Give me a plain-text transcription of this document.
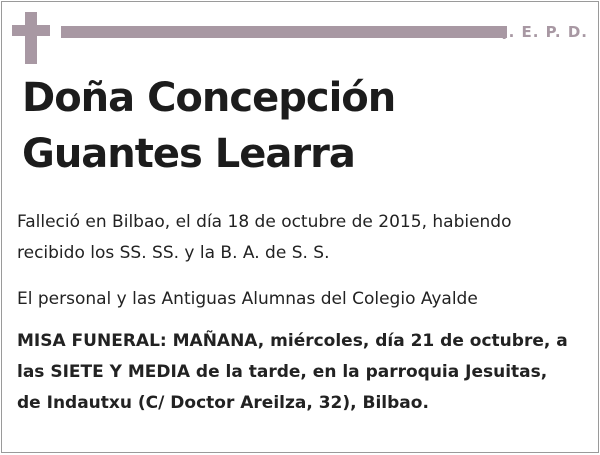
Q. E. P. D.
Doña Concepción
Guantes Learra

Falleció en Bilbao, el día 18 de octubre de 2015, habiendo
recibido los SS. SS. y la B. A. de S. S.

El personal y las Antiguas Alumnas del Colegio Ayalde

MISA FUNERAL: MAÑANA, miércoles, día 21 de octubre, a
las SIETE Y MEDIA de la tarde, en la parroquia Jesuitas,
de Indautxu (C/ Doctor Areilza, 32), Bilbao.
